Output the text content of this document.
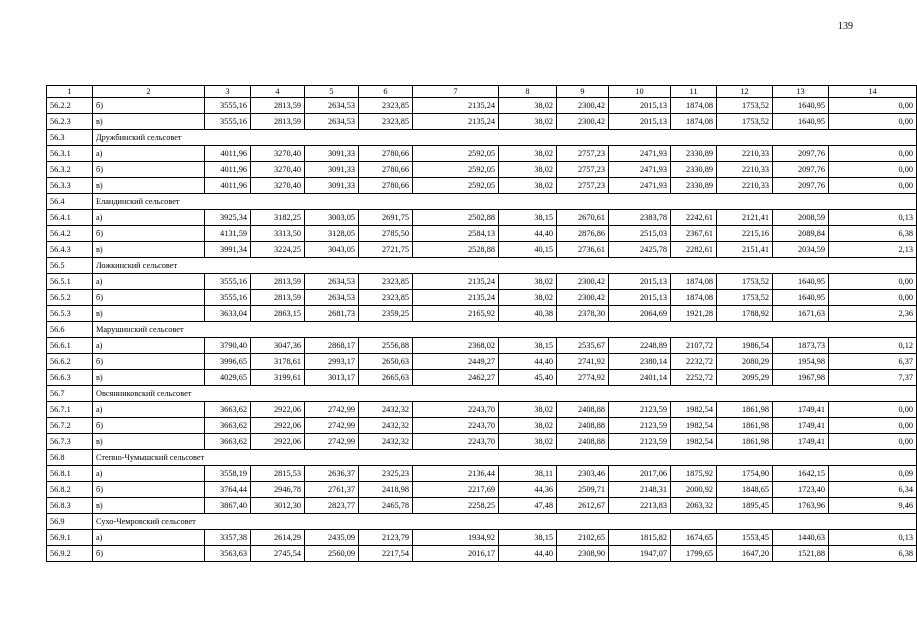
139
1	2	3	4	5	6	7	8	9	10	11	12	13	14
56.2.2	б)	3555,16	2813,59	2634,53	2323,85	2135,24	38,02	2300,42	2015,13	1874,08	1753,52	1640,95	0,00
56.2.3	в)	3555,16	2813,59	2634,53	2323,85	2135,24	38,02	2300,42	2015,13	1874,08	1753,52	1640,95	0,00
56.3	Дружбинский сельсовет												
56.3.1	а)	4011,96	3270,40	3091,33	2780,66	2592,05	38,02	2757,23	2471,93	2330,89	2210,33	2097,76	0,00
56.3.2	б)	4011,96	3270,40	3091,33	2780,66	2592,05	38,02	2757,23	2471,93	2330,89	2210,33	2097,76	0,00
56.3.3	в)	4011,96	3270,40	3091,33	2780,66	2592,05	38,02	2757,23	2471,93	2330,89	2210,33	2097,76	0,00
56.4	Еландинский сельсовет												
56.4.1	а)	3925,34	3182,25	3003,05	2691,75	2502,88	38,15	2670,61	2383,78	2242,61	2121,41	2008,59	0,13
56.4.2	б)	4131,59	3313,50	3128,05	2785,50	2584,13	44,40	2876,86	2515,03	2367,61	2215,16	2089,84	6,38
56.4.3	в)	3991,34	3224,25	3043,05	2721,75	2528,88	40,15	2736,61	2425,78	2282,61	2151,41	2034,59	2,13
56.5	Ложкинский сельсовет												
56.5.1	а)	3555,16	2813,59	2634,53	2323,85	2135,24	38,02	2300,42	2015,13	1874,08	1753,52	1640,95	0,00
56.5.2	б)	3555,16	2813,59	2634,53	2323,85	2135,24	38,02	2300,42	2015,13	1874,08	1753,52	1640,95	0,00
56.5.3	в)	3633,04	2863,15	2681,73	2359,25	2165,92	40,38	2378,30	2064,69	1921,28	1788,92	1671,63	2,36
56.6	Марушинский сельсовет												
56.6.1	а)	3790,40	3047,36	2868,17	2556,88	2368,02	38,15	2535,67	2248,89	2107,72	1986,54	1873,73	0,12
56.6.2	б)	3996,65	3178,61	2993,17	2650,63	2449,27	44,40	2741,92	2380,14	2232,72	2080,29	1954,98	6,37
56.6.3	в)	4029,65	3199,61	3013,17	2665,63	2462,27	45,40	2774,92	2401,14	2252,72	2095,29	1967,98	7,37
56.7	Овсянниковский сельсовет												
56.7.1	а)	3663,62	2922,06	2742,99	2432,32	2243,70	38,02	2408,88	2123,59	1982,54	1861,98	1749,41	0,00
56.7.2	б)	3663,62	2922,06	2742,99	2432,32	2243,70	38,02	2408,88	2123,59	1982,54	1861,98	1749,41	0,00
56.7.3	в)	3663,62	2922,06	2742,99	2432,32	2243,70	38,02	2408,88	2123,59	1982,54	1861,98	1749,41	0,00
56.8	Степно-Чумышский сельсовет												
56.8.1	а)	3558,19	2815,53	2636,37	2325,23	2136,44	38,11	2303,46	2017,06	1875,92	1754,90	1642,15	0,09
56.8.2	б)	3764,44	2946,78	2761,37	2418,98	2217,69	44,36	2509,71	2148,31	2000,92	1848,65	1723,40	6,34
56.8.3	в)	3867,40	3012,30	2823,77	2465,78	2258,25	47,48	2612,67	2213,83	2063,32	1895,45	1763,96	9,46
56.9	Сухо-Чемровский сельсовет												
56.9.1	а)	3357,38	2614,29	2435,09	2123,79	1934,92	38,15	2102,65	1815,82	1674,65	1553,45	1440,63	0,13
56.9.2	б)	3563,63	2745,54	2560,09	2217,54	2016,17	44,40	2308,90	1947,07	1799,65	1647,20	1521,88	6,38
